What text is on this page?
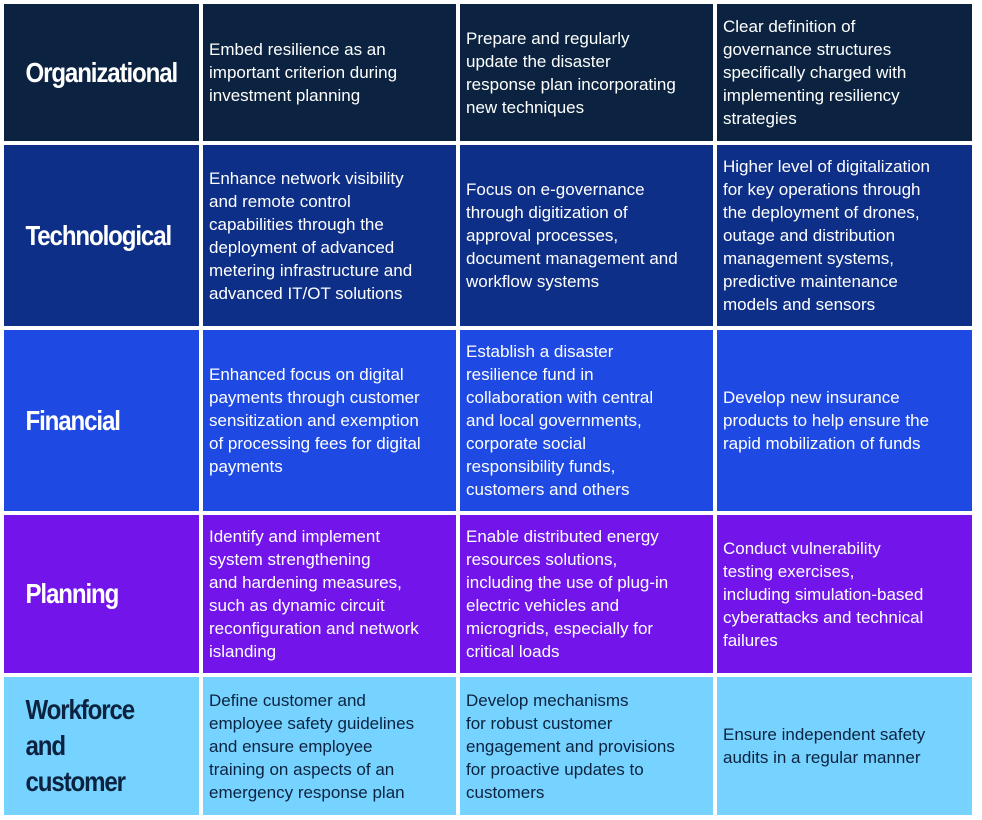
Organizational
Embed resilience as an
important criterion during
investment planning
Prepare and regularly
update the disaster
response plan incorporating
new techniques
Clear definition of
governance structures
specifically charged with
implementing resiliency
strategies
Technological
Enhance network visibility
and remote control
capabilities through the
deployment of advanced
metering infrastructure and
advanced IT/OT solutions
Focus on e-governance
through digitization of
approval processes,
document management and
workflow systems
Higher level of digitalization
for key operations through
the deployment of drones,
outage and distribution
management systems,
predictive maintenance
models and sensors
Financial
Enhanced focus on digital
payments through customer
sensitization and exemption
of processing fees for digital
payments
Establish a disaster
resilience fund in
collaboration with central
and local governments,
corporate social
responsibility funds,
customers and others
Develop new insurance
products to help ensure the
rapid mobilization of funds
Planning
Identify and implement
system strengthening
and hardening measures,
such as dynamic circuit
reconfiguration and network
islanding
Enable distributed energy
resources solutions,
including the use of plug-in
electric vehicles and
microgrids, especially for
critical loads
Conduct vulnerability
testing exercises,
including simulation-based
cyberattacks and technical
failures
Workforce and
customer
Define customer and
employee safety guidelines
and ensure employee
training on aspects of an
emergency response plan
Develop mechanisms
for robust customer
engagement and provisions
for proactive updates to
customers
Ensure independent safety
audits in a regular manner
